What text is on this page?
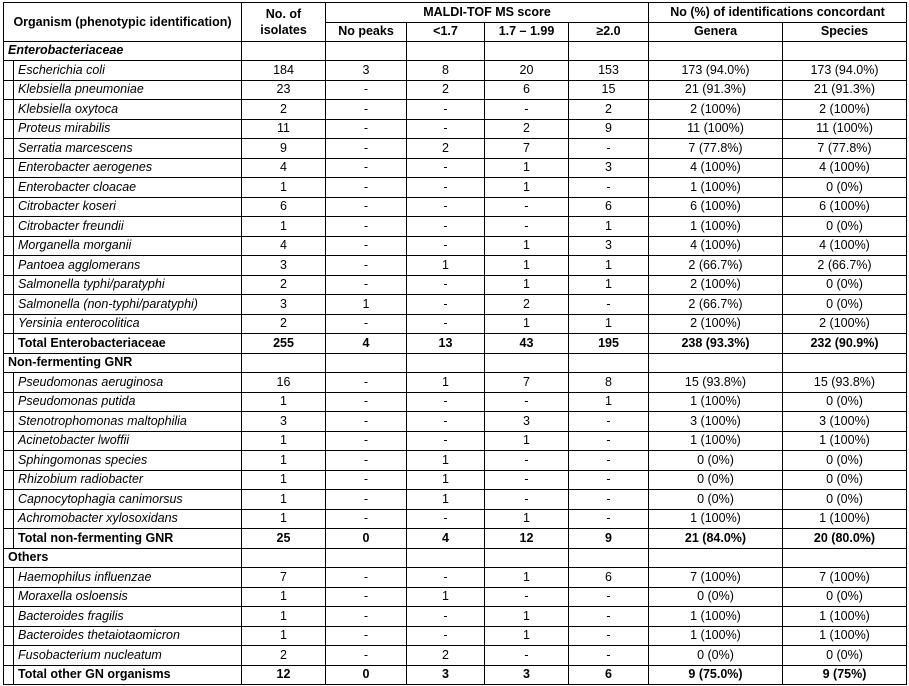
Organism (phenotypic identification)		No. of isolates	MALDI-TOF MS score				No (%) of identifications concordant	
			No peaks	<1.7	1.7 – 1.99	≥2.0	Genera	Species
Enterobacteriaceae								
	Escherichia coli	184	3	8	20	153	173 (94.0%)	173 (94.0%)
	Klebsiella pneumoniae	23	-	2	6	15	21 (91.3%)	21 (91.3%)
	Klebsiella oxytoca	2	-	-	-	2	2 (100%)	2 (100%)
	Proteus mirabilis	11	-	-	2	9	11 (100%)	11 (100%)
	Serratia marcescens	9	-	2	7	-	7 (77.8%)	7 (77.8%)
	Enterobacter aerogenes	4	-	-	1	3	4 (100%)	4 (100%)
	Enterobacter cloacae	1	-	-	1	-	1 (100%)	0 (0%)
	Citrobacter koseri	6	-	-	-	6	6 (100%)	6 (100%)
	Citrobacter freundii	1	-	-	-	1	1 (100%)	0 (0%)
	Morganella morganii	4	-	-	1	3	4 (100%)	4 (100%)
	Pantoea agglomerans	3	-	1	1	1	2 (66.7%)	2 (66.7%)
	Salmonella typhi/paratyphi	2	-	-	1	1	2 (100%)	0 (0%)
	Salmonella (non-typhi/paratyphi)	3	1	-	2	-	2 (66.7%)	0 (0%)
	Yersinia enterocolitica	2	-	-	1	1	2 (100%)	2 (100%)
	Total Enterobacteriaceae	255	4	13	43	195	238 (93.3%)	232 (90.9%)
Non-fermenting GNR								
	Pseudomonas aeruginosa	16	-	1	7	8	15 (93.8%)	15 (93.8%)
	Pseudomonas putida	1	-	-	-	1	1 (100%)	0 (0%)
	Stenotrophomonas maltophilia	3	-	-	3	-	3 (100%)	3 (100%)
	Acinetobacter lwoffii	1	-	-	1	-	1 (100%)	1 (100%)
	Sphingomonas species	1	-	1	-	-	0 (0%)	0 (0%)
	Rhizobium radiobacter	1	-	1	-	-	0 (0%)	0 (0%)
	Capnocytophagia canimorsus	1	-	1	-	-	0 (0%)	0 (0%)
	Achromobacter xylosoxidans	1	-	-	1	-	1 (100%)	1 (100%)
	Total non-fermenting GNR	25	0	4	12	9	21 (84.0%)	20 (80.0%)
Others								
	Haemophilus influenzae	7	-	-	1	6	7 (100%)	7 (100%)
	Moraxella osloensis	1	-	1	-	-	0 (0%)	0 (0%)
	Bacteroides fragilis	1	-	-	1	-	1 (100%)	1 (100%)
	Bacteroides thetaiotaomicron	1	-	-	1	-	1 (100%)	1 (100%)
	Fusobacterium nucleatum	2	-	2	-	-	0 (0%)	0 (0%)
	Total other GN organisms	12	0	3	3	6	9 (75.0%)	9 (75%)
